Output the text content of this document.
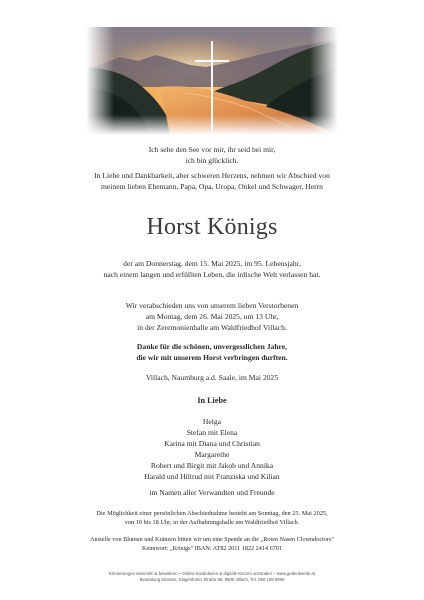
Ich sehe den See vor mir, ihr seid bei mir,
ich bin glücklich.
In Liebe und Dankbarkeit, aber schweren Herzens, nehmen wir Abschied von
meinem lieben Ehemann, Papa, Opa, Uropa, Onkel und Schwager, Herrn
Horst Königs
der am Donnerstag, dem 15. Mai 2025, im 95. Lebensjahr,
nach einem langen und erfüllten Leben, die irdische Welt verlassen hat.
Wir verabschieden uns von unserem lieben Verstorbenen
am Montag, dem 26. Mai 2025, um 13 Uhr,
in der Zeremonienhalle am Waldfriedhof Villach.
Danke für die schönen, unvergesslichen Jahre,
die wir mit unserem Horst verbringen durften.
Villach, Naumburg a.d. Saale, im Mai 2025
In Liebe
Helga
Stefan mit Elena
Karina mit Diana und Christian
Margarethe
Robert und Birgit mit Jakob und Annika
Harald und Hiltrud mit Franziska und Kilian
im Namen aller Verwandten und Freunde
Die Möglichkeit einer persönlichen Abschiednahme besteht am Sonntag, den 25. Mai 2025,
von 10 bis 18 Uhr, in der Aufbahrungshalle am Waldfriedhof Villach.
Anstelle von Blumen und Kränzen bitten wir um eine Spende an die „Roten Nasen Clowndoctors"
Kennwort: „Königs" IBAN: AT82 2011 1822 2414 6701
Erinnerungen sammeln & bewahren – Online kondolieren & digitale Kerzen anzünden – www.gedenkseite.at
Bestattung Kärnten, Klagenfurter Straße 68, 9500 Villach, Tel. 050 199 9999
